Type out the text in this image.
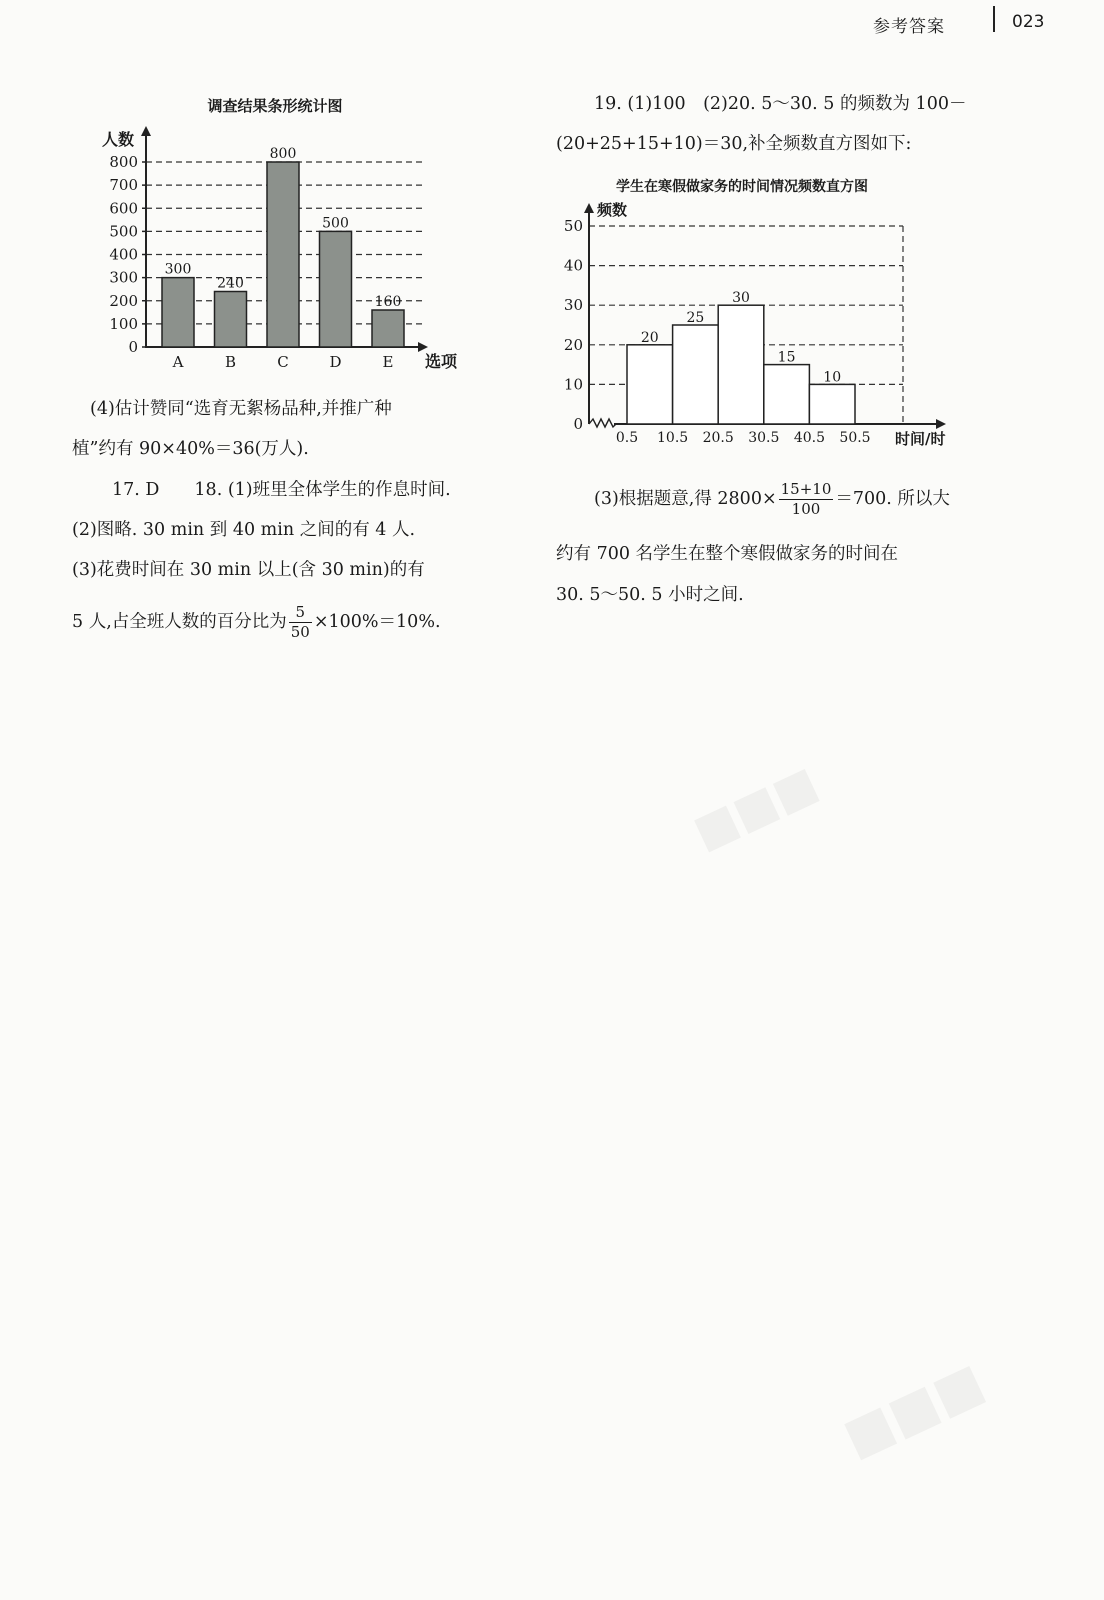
参考答案	023
调查结果条形统计图
0
100
200
300
400
500
600
700
800
人数
选项
300
A
240
B
800
C
500
D
160
E
(4)估计赞同“选育无絮杨品种,并推广种
植”约有 90×40%＝36(万人).
17. D　　18. (1)班里全体学生的作息时间.
(2)图略. 30 min 到 40 min 之间的有 4 人.
(3)花费时间在 30 min 以上(含 30 min)的有
5 人,占全班人数的百分比为 $\frac{5}{50} \times 100\%=10\%$.
19. (1)100　(2)20. 5～30. 5 的频数为 100－
(20+25+15+10)＝30,补全频数直方图如下:
学生在寒假做家务的时间情况频数直方图
0
10
20
30
40
50
频数
时间/时
20
25
30
15
10
0.5 10.5 20.5 30.5 40.5 50.5
(3)根据题意,得 $2800\times \frac{15+10}{100} =700$. 所以大
约有 700 名学生在整个寒假做家务的时间在
30. 5～50. 5 小时之间.
■■■
■■■
